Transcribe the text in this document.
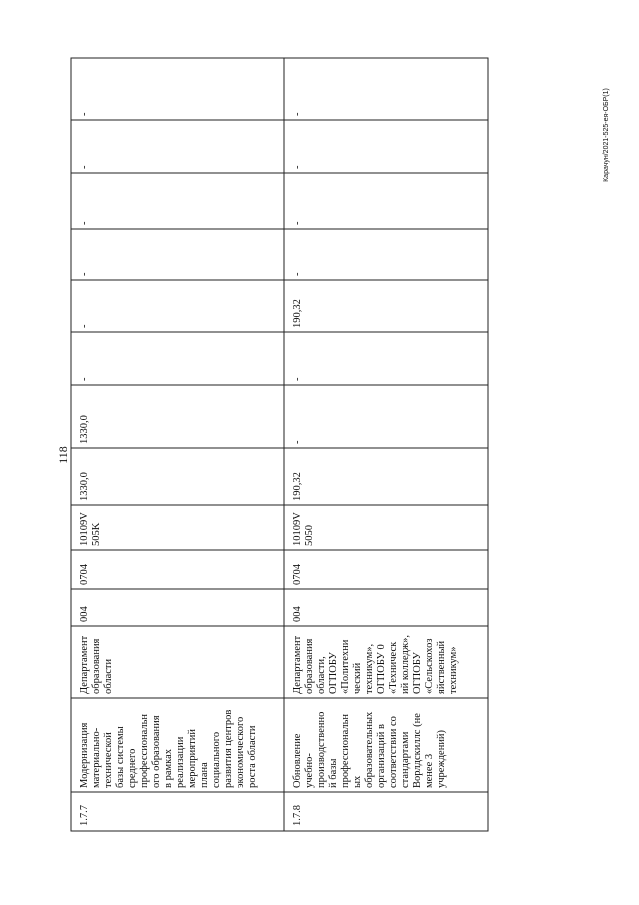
118
Карачун/2021-525-ея-ОБР(1)
1.7.7
Модернизация материально- технической базы системы среднего профессиональн ого образования в рамках реализации мероприятий плана социального развития центров экономического роста области
Департамент образования области
004
0704
10109V 505K
1330,0
1330,0
-
-
-
-
-
-
1.7.8
Обновление учебно- производственно й базы профессиональн ых образовательных организаций в соответствии со стандартами Ворлдскиллс (не менее 3 учреждений)
Департамент образования области, ОГПОБУ «Политехни ческий техникум», ОГПОБУ 0 «Техническ ий колледж», ОГПОБУ «Сельскохоз яйственный техникум»
004
0704
10109V 5050
190,32
-
-
190,32
-
-
-
-
